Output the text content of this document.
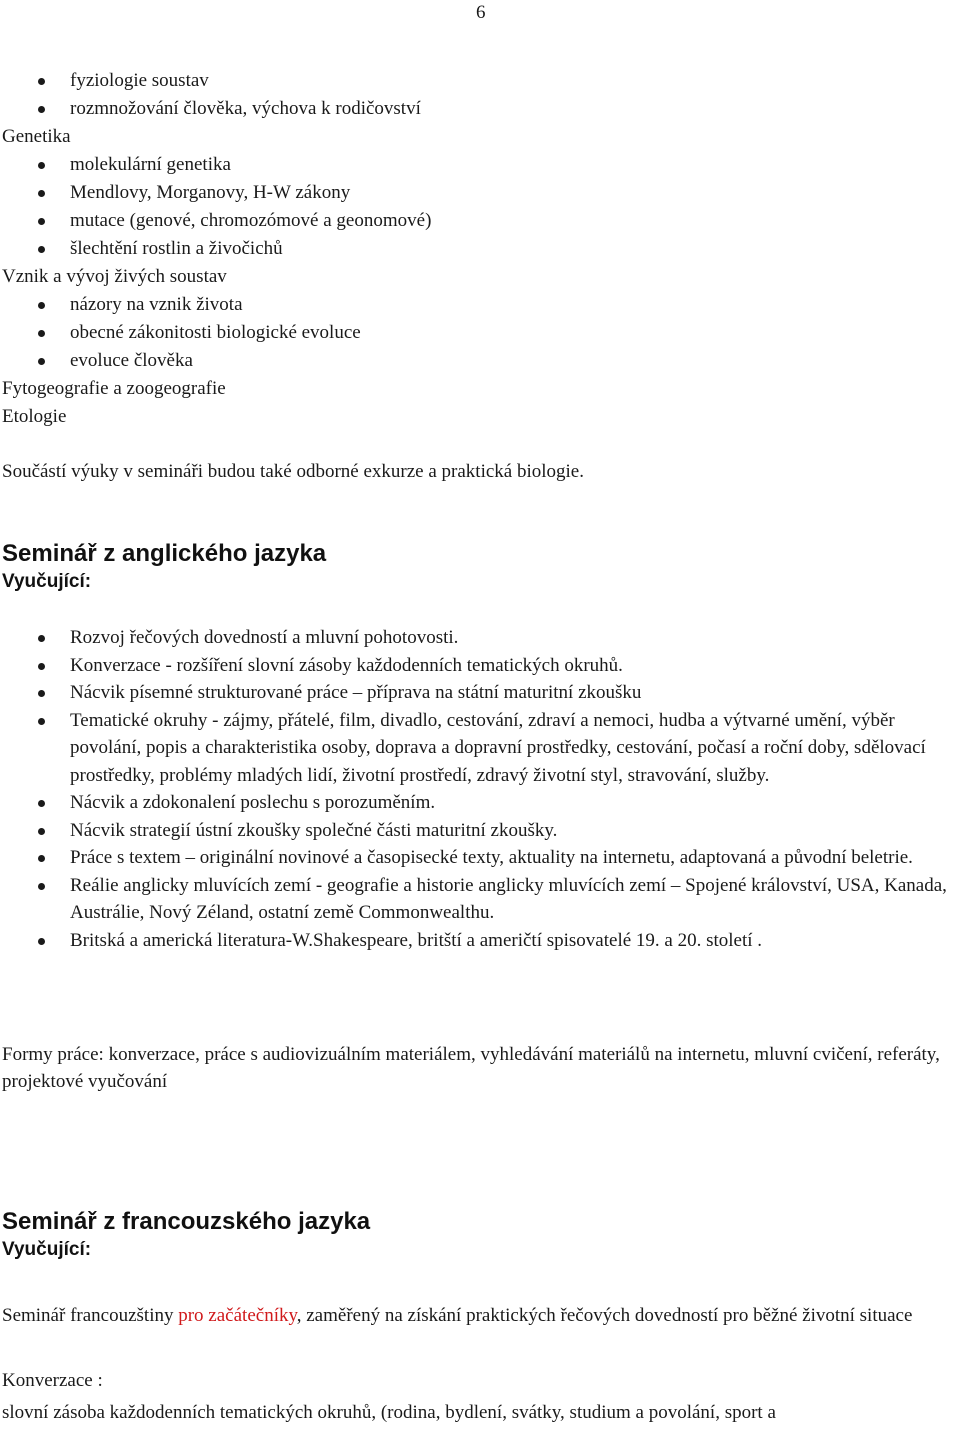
6
fyziologie soustav
rozmnožování člověka, výchova k rodičovství
Genetika
molekulární genetika
Mendlovy, Morganovy, H-W zákony
mutace (genové, chromozómové a geonomové)
šlechtění rostlin a živočichů
Vznik a vývoj živých soustav
názory na vznik života
obecné zákonitosti biologické evoluce
evoluce člověka
Fytogeografie a zoogeografie
Etologie
Součástí výuky v semináři budou také odborné exkurze a praktická biologie.
Seminář z anglického jazyka
Vyučující:
Rozvoj řečových dovedností a mluvní pohotovosti.
Konverzace - rozšíření slovní zásoby každodenních tematických okruhů.
Nácvik písemné strukturované práce – příprava na státní maturitní zkoušku
Tematické okruhy - zájmy, přátelé, film, divadlo, cestování, zdraví a nemoci, hudba a výtvarné umění, výběr povolání, popis a charakteristika osoby, doprava a dopravní prostředky, cestování, počasí a roční doby, sdělovací prostředky, problémy mladých lidí, životní prostředí, zdravý životní styl, stravování, služby.
Nácvik a zdokonalení poslechu s porozuměním.
Nácvik strategií ústní zkoušky společné části maturitní zkoušky.
Práce s textem – originální novinové a časopisecké texty, aktuality na internetu, adaptovaná a původní beletrie.
Reálie anglicky mluvících zemí - geografie a historie anglicky mluvících zemí – Spojené království, USA, Kanada, Austrálie, Nový Zéland, ostatní země Commonwealthu.
Britská a americká literatura-W.Shakespeare, britští a američtí spisovatelé 19. a 20. století .
Formy práce: konverzace, práce s audiovizuálním materiálem, vyhledávání materiálů na internetu, mluvní cvičení, referáty, projektové vyučování
Seminář z francouzského jazyka
Vyučující:
Seminář francouzštiny pro začátečníky, zaměřený na získání praktických řečových dovedností pro běžné životní situace
Konverzace :
slovní zásoba každodenních tematických okruhů, (rodina, bydlení, svátky, studium a povolání, sport a
